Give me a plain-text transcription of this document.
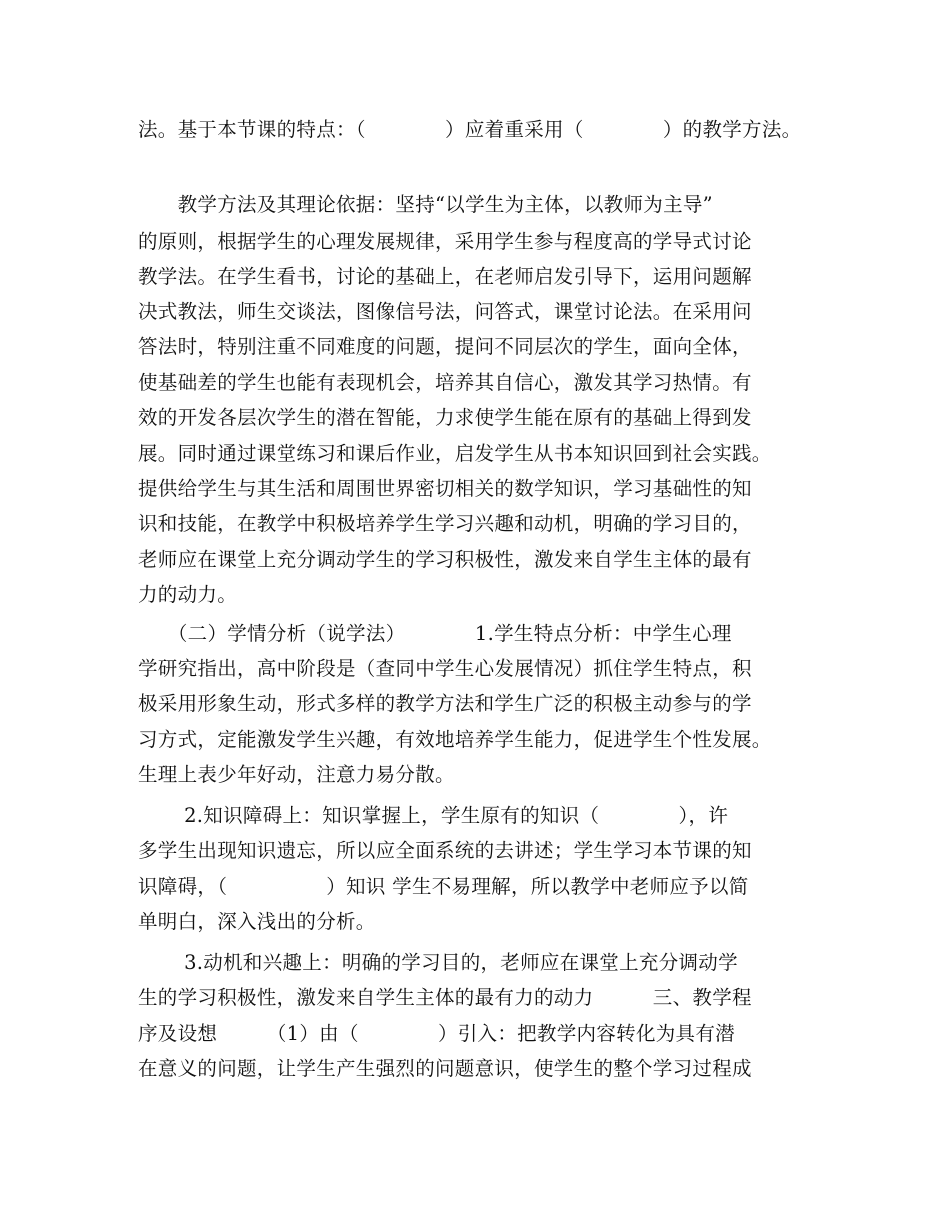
法。基于本节课的特点：（　　　　）应着重采用（　　　　）的教学方法。
　　教学方法及其理论依据：坚持“以学生为主体，以教师为主导”
的原则，根据学生的心理发展规律，采用学生参与程度高的学导式讨论
教学法。在学生看书，讨论的基础上，在老师启发引导下，运用问题解
决式教法，师生交谈法，图像信号法，问答式，课堂讨论法。在采用问
答法时，特别注重不同难度的问题，提问不同层次的学生，面向全体，
使基础差的学生也能有表现机会，培养其自信心，激发其学习热情。有
效的开发各层次学生的潜在智能，力求使学生能在原有的基础上得到发
展。同时通过课堂练习和课后作业，启发学生从书本知识回到社会实践。
提供给学生与其生活和周围世界密切相关的数学知识，学习基础性的知
识和技能，在教学中积极培养学生学习兴趣和动机，明确的学习目的，
老师应在课堂上充分调动学生的学习积极性，激发来自学生主体的最有
力的动力。
　　（二）学情分析（说学法）　　　　1.学生特点分析：中学生心理
学研究指出，高中阶段是（查同中学生心发展情况）抓住学生特点，积
极采用形象生动，形式多样的教学方法和学生广泛的积极主动参与的学
习方式，定能激发学生兴趣，有效地培养学生能力，促进学生个性发展。
生理上表少年好动，注意力易分散。
　　 2.知识障碍上：知识掌握上，学生原有的知识（　　　　），许
多学生出现知识遗忘，所以应全面系统的去讲述；学生学习本节课的知
识障碍，（　　　　　）知识 学生不易理解，所以教学中老师应予以简
单明白，深入浅出的分析。
　　 3.动机和兴趣上：明确的学习目的，老师应在课堂上充分调动学
生的学习积极性，激发来自学生主体的最有力的动力　　　三、教学程
序及设想　　　（1）由（　　　　）引入：把教学内容转化为具有潜
在意义的问题，让学生产生强烈的问题意识，使学生的整个学习过程成
